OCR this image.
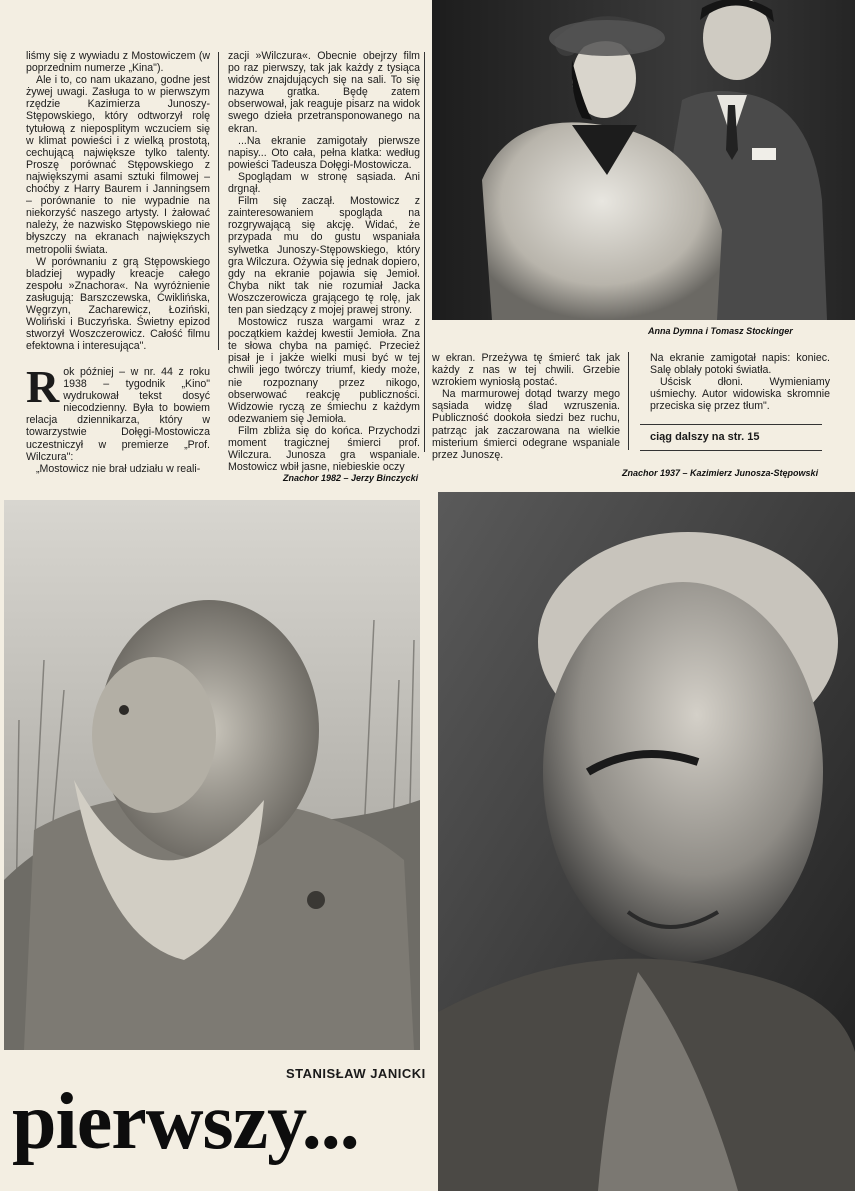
liśmy się z wywiadu z Mostowiczem (w poprzednim numerze „Kina").

Ale i to, co nam ukazano, godne jest żywej uwagi. Zasługa to w pierwszym rzędzie Kazimierza Junoszy-Stępowskiego, który odtworzył rolę tytułową z nieposplitym wczuciem się w klimat powieści i z wielką prostotą, cechującą największe tylko talenty. Proszę porównać Stępowskiego z największymi asami sztuki filmowej – choćby z Harry Baurem i Janningsem – porównanie to nie wypadnie na niekorzyść naszego artysty. I żałować należy, że nazwisko Stępowskiego nie błyszczy na ekranach największych metropolii świata.

W porównaniu z grą Stępowskiego bladziej wypadły kreacje całego zespołu »Znachora«. Na wyróżnienie zasługują: Barszczewska, Ćwiklińska, Węgrzyn, Zacharewicz, Łoziński, Woliński i Buczyńska. Świetny epizod stworzył Woszczerowicz. Całość filmu efektowna i interesująca".

R ok później – w nr. 44 z roku 1938 – tygodnik „Kino" wydrukował tekst dosyć niecodzienny. Była to bowiem relacja dziennikarza, który w towarzystwie Dołęgi-Mostowicza uczestniczył w premierze „Prof. Wilczura":

„Mostowicz nie brał udziału w reali-

zacji »Wilczura«. Obecnie obejrzy film po raz pierwszy, tak jak każdy z tysiąca widzów znajdujących się na sali. To się nazywa gratka. Będę zatem obserwował, jak reaguje pisarz na widok swego dzieła przetransponowanego na ekran.

...Na ekranie zamigotały pierwsze napisy... Oto cała, pełna klatka: według powieści Tadeusza Dołęgi-Mostowicza.

Spoglądam w stronę sąsiada. Ani drgnął.

Film się zaczął. Mostowicz z zainteresowaniem spogląda na rozgrywającą się akcję. Widać, że przypada mu do gustu wspaniała sylwetka Junoszy-Stępowskiego, który gra Wilczura. Ożywia się jednak dopiero, gdy na ekranie pojawia się Jemioł. Chyba nikt tak nie rozumiał Jacka Woszczerowicza grającego tę rolę, jak ten pan siedzący z mojej prawej strony.

Mostowicz rusza wargami wraz z początkiem każdej kwestii Jemioła. Zna te słowa chyba na pamięć. Przecież pisał je i jakże wielki musi być w tej chwili jego twórczy triumf, kiedy może, nie rozpoznany przez nikogo, obserwować reakcję publiczności. Widzowie ryczą ze śmiechu z każdym odezwaniem się Jemioła.

Film zbliża się do końca. Przychodzi moment tragicznej śmierci prof. Wilczura. Junosza gra wspaniale. Mostowicz wbił jasne, niebieskie oczy

Anna Dymna i Tomasz Stockinger

w ekran. Przeżywa tę śmierć tak jak każdy z nas w tej chwili. Grzebie wzrokiem wyniosłą postać.

Na marmurowej dotąd twarzy mego sąsiada widzę ślad wzruszenia. Publiczność dookoła siedzi bez ruchu, patrząc jak zaczarowana na wielkie misterium śmierci odegrane wspaniale przez Junoszę.

Na ekranie zamigotał napis: koniec. Salę oblały potoki światła.

Uścisk dłoni. Wymieniamy uśmiechy. Autor widowiska skromnie przeciska się przez tłum".

ciąg dalszy na str. 15
Znachor 1982 – Jerzy Binczycki	Znachor 1937 – Kazimierz Junosza-Stępowski
STANISŁAW JANICKI
pierwszy...
